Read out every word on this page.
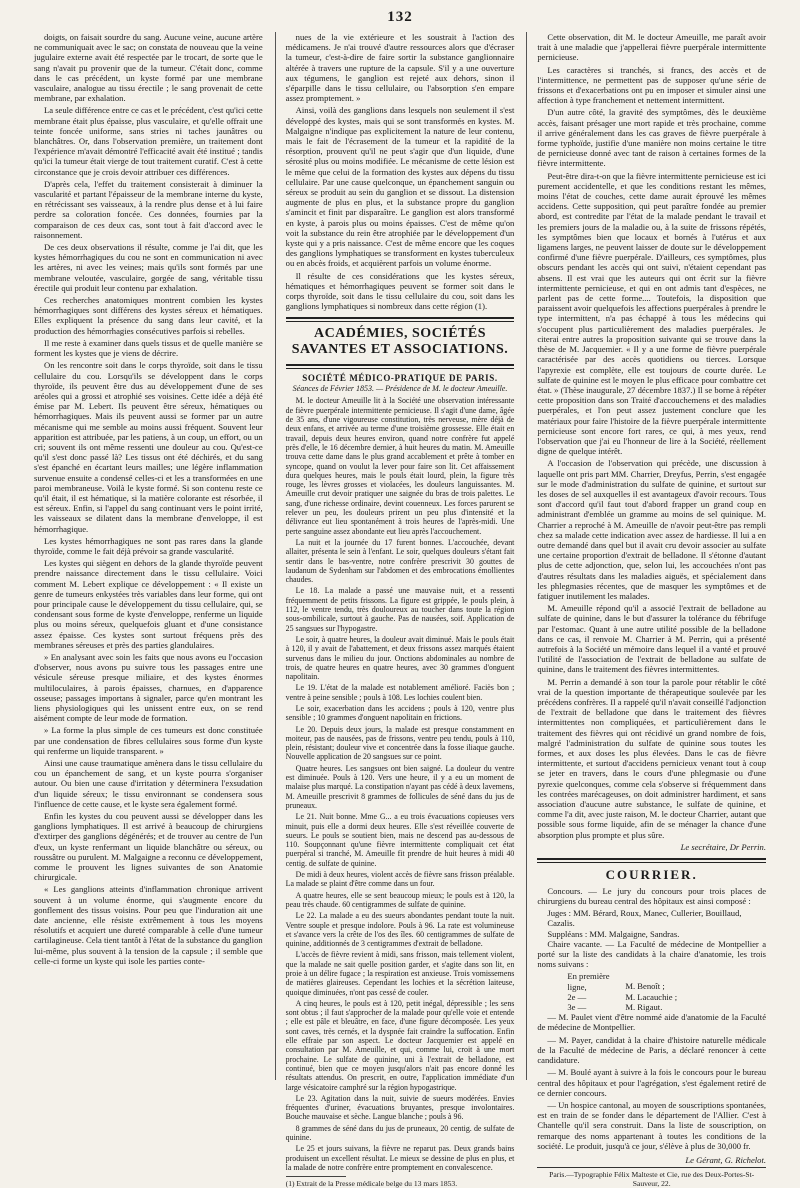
132

doigts, on faisait sourdre du sang. Aucune veine, aucune artère ne communiquait avec le sac; on constata de nouveau que la veine jugulaire externe avait été respectée par le trocart, de sorte que le sang n'avait pu provenir que de la tumeur. C'était donc, comme dans le cas précédent, un kyste formé par une membrane vasculaire, analogue au tissu érectile ; le sang provenait de cette membrane, par exhalation.

La seule différence entre ce cas et le précédent, c'est qu'ici cette membrane était plus épaisse, plus vasculaire, et qu'elle offrait une teinte foncée uniforme, sans stries ni taches jaunâtres ou blanchâtres. Or, dans l'observation première, un traitement dont l'expérience m'avait démontré l'efficacité avait été institué ; tandis qu'ici la tumeur était vierge de tout traitement curatif. C'est à cette circonstance que je crois devoir attribuer ces différences.

D'après cela, l'effet du traitement consisterait à diminuer la vascularité et partant l'épaisseur de la membrane interne du kyste, en rétrécissant ses vaisseaux, à la rendre plus dense et à lui faire perdre sa coloration foncée. Ces données, fournies par la comparaison de ces deux cas, sont tout à fait d'accord avec le raisonnement.

De ces deux observations il résulte, comme je l'ai dit, que les kystes hémorrhagiques du cou ne sont en communication ni avec les artères, ni avec les veines; mais qu'ils sont formés par une membrane veloutée, vasculaire, gorgée de sang, véritable tissu érectile qui produit leur contenu par exhalation.

Ces recherches anatomiques montrent combien les kystes hémorrhagiques sont différens des kystes séreux et hématiques. Elles expliquent la présence du sang dans leur cavité, et la production des hémorrhagies consécutives parfois si rebelles.

Il me reste à examiner dans quels tissus et de quelle manière se forment les kystes que je viens de décrire.

On les rencontre soit dans le corps thyroïde, soit dans le tissu cellulaire du cou. Lorsqu'ils se développent dans le corps thyroïde, ils peuvent être dus au développement d'une de ses aréoles qui a grossi et atrophié ses voisines. Cette idée a déjà été émise par M. Lebert. Ils peuvent être séreux, hématiques ou hémorrhagiques. Mais ils peuvent aussi se former par un autre mécanisme qui me semble au moins aussi fréquent. Souvent leur apparition est attribuée, par les patiens, à un coup, un effort, ou un cri; souvent ils ont même ressenti une douleur au cou. Qu'est-ce qu'il s'est donc passé là? Les tissus ont été déchirés, et du sang s'est épanché en écartant leurs mailles; une légère inflammation survenue ensuite a condensé celles-ci et les a transformées en une paroi membraneuse. Voilà le kyste formé. Si son contenu reste ce qu'il était, il est hématique, si la matière colorante est résorbée, il est séreux. Enfin, si l'appel du sang continuant vers le point irrité, les vaisseaux se dilatent dans la membrane d'enveloppe, il est hémorrhagique.

Les kystes hémorrhagiques ne sont pas rares dans la glande thyroïde, comme le fait déjà prévoir sa grande vascularité.

Les kystes qui siègent en dehors de la glande thyroïde peuvent prendre naissance directement dans le tissu cellulaire. Voici comment M. Lebert explique ce développement : « Il existe un genre de tumeurs enkystées très variables dans leur forme, qui ont pour principale cause le développement du tissu cellulaire, qui, se condensant sous forme de kyste d'enveloppe, renferme un liquide plus ou moins séreux, quelquefois gluant et d'une consistance assez épaisse. Ces kystes sont surtout fréquens près des membranes séreuses et près des parties glandulaires.

» En analysant avec soin les faits que nous avons eu l'occasion d'observer, nous avons pu suivre tous les passages entre une vésicule séreuse presque miliaire, et des kystes énormes multiloculaires, à parois épaisses, charnues, en d'apparence osseuse; passages importans à signaler, parce qu'en montrant les liens physiologiques qui les unissent entre eux, on se rend aisément compte de leur mode de formation.

» La forme la plus simple de ces tumeurs est donc constituée par une condensation de fibres cellulaires sous forme d'un kyste qui renferme un liquide transparent. »

Ainsi une cause traumatique amènera dans le tissu cellulaire du cou un épanchement de sang, et un kyste pourra s'organiser autour. Ou bien une cause d'irritation y déterminera l'exsudation d'un liquide séreux; le tissu environnant se condensera sous l'influence de cette cause, et le kyste sera également formé.

Enfin les kystes du cou peuvent aussi se développer dans les ganglions lymphatiques. Il est arrivé à beaucoup de chirurgiens d'extirper des ganglions dégénérés; et de trouver au centre de l'un d'eux, un kyste renfermant un liquide blanchâtre ou séreux, ou roussâtre ou purulent. M. Malgaigne a reconnu ce développement, comme le prouvent les lignes suivantes de son Anatomie chirurgicale.

« Les ganglions atteints d'inflammation chronique arrivent souvent à un volume énorme, qui s'augmente encore du gonflement des tissus voisins. Pour peu que l'induration ait une date ancienne, elle résiste extrêmement à tous les moyens résolutifs et acquiert une dureté comparable à celle d'une tumeur cartilagineuse. Cela tient tantôt à l'état de la substance du ganglion lui-même, plus souvent à la tension de la capsule ; il semble que celle-ci forme un kyste qui isole les parties conte-

nues de la vie extérieure et les soustrait à l'action des médicamens. Je n'ai trouvé d'autre ressources alors que d'écraser la tumeur, c'est-à-dire de faire sortir la substance ganglionnaire altérée à travers une rupture de la capsule. S'il y a une ouverture aux tégumens, le ganglion est rejeté aux dehors, sinon il s'éparpille dans le tissu cellulaire, ou l'absorption s'en empare assez promptement. »

Ainsi, voilà des ganglions dans lesquels non seulement il s'est développé des kystes, mais qui se sont transformés en kystes. M. Malgaigne n'indique pas explicitement la nature de leur contenu, mais le fait de l'écrasement de la tumeur et la rapidité de la résorption, prouvent qu'il ne peut s'agir que d'un liquide, d'une sérosité plus ou moins modifiée. Le mécanisme de cette lésion est le même que celui de la formation des kystes aux dépens du tissu cellulaire. Par une cause quelconque, un épanchement sanguin ou séreux se produit au sein du ganglion et se dissout. La distension augmente de plus en plus, et la substance propre du ganglion s'amincit et finit par disparaître. Le ganglion est alors transformé en kyste, à parois plus ou moins épaisses. C'est de même qu'on voit la substance du rein être atrophiée par le développement d'un kyste qui y a pris naissance. C'est de même encore que les coques des ganglions lymphatiques se transforment en kystes tuberculeux ou en abcès froids, et acquièrent parfois un volume énorme.

Il résulte de ces considérations que les kystes séreux, hématiques et hémorrhagiques peuvent se former soit dans le corps thyroïde, soit dans le tissu cellulaire du cou, soit dans les ganglions lymphatiques si nombreux dans cette région (1).

ACADÉMIES, SOCIÉTÉS SAVANTES ET ASSOCIATIONS.
SOCIÉTÉ MÉDICO-PRATIQUE DE PARIS.
Séances de Février 1853. — Présidence de M. le docteur Ameuille.

M. le docteur Ameuille lit à la Société une observation intéressante de fièvre puerpérale intermittente pernicieuse. Il s'agit d'une dame, âgée de 35 ans, d'une vigoureuse constitution, très nerveuse, mère déjà de deux enfans, et arrivée au terme d'une troisième grossesse. Elle était en travail, depuis deux heures environ, quand notre confrère fut appelé près d'elle, le 16 décembre dernier, à huit heures du matin. M. Ameuille trouva cette dame dans le plus grand accablement et prête à tomber en syncope, quand on voulut la lever pour faire son lit. Cet affaissement dura quelques heures, mais le pouls était lourd, plein, la figure très rouge, les lèvres grosses et violacées, les douleurs languissantes. M. Ameuille crut devoir pratiquer une saignée du bras de trois palettes. Le sang, d'une richesse ordinaire, devint couenneux. Les forces parurent se relever un peu, les douleurs prirent un peu plus d'intensité et la délivrance eut lieu spontanément à trois heures de l'après-midi. Une perte sanguine assez abondante eut lieu après l'accouchement.

La nuit et la journée du 17 furent bonnes. L'accouchée, devant allaiter, présenta le sein à l'enfant. Le soir, quelques douleurs s'étant fait sentir dans le bas-ventre, notre confrère prescrivit 30 gouttes de laudanum de Sydenham sur l'abdomen et des embrocations émollientes chaudes.

Le 18. La malade a passé une mauvaise nuit, et a ressenti fréquemment de petits frissons. La figure est grippée, le pouls plein, à 112, le ventre tendu, très douloureux au toucher dans toute la région sous-ombilicale, surtout à gauche. Pas de nausées, soif. Application de 25 sangsues sur l'hypogastre.

Le soir, à quatre heures, la douleur avait diminué. Mais le pouls était à 120, il y avait de l'abattement, et deux frissons assez marqués étaient survenus dans le milieu du jour. Onctions abdominales au nombre de trois, de quatre heures en quatre heures, avec 30 grammes d'onguent napolitain.

Le 19. L'état de la malade est notablement amélioré. Faciès bon ; ventre à peine sensible ; pouls à 108. Les lochies coulent bien.

Le soir, exacerbation dans les accidens ; pouls à 120, ventre plus sensible ; 10 grammes d'onguent napolitain en frictions.

Le 20. Depuis deux jours, la malade est presque constamment en moiteur, pas de nausées, pas de frissons, ventre peu tendu, pouls à 110, plein, résistant; douleur vive et concentrée dans la fosse iliaque gauche. Nouvelle application de 20 sangsues sur ce point.

Quatre heures. Les sangsues ont bien saigné. La douleur du ventre est diminuée. Pouls à 120. Vers une heure, il y a eu un moment de malaise plus marqué. La constipation n'ayant pas cédé à deux lavemens, M. Ameuille prescrivit 8 grammes de follicules de séné dans du jus de pruneaux.

Le 21. Nuit bonne. Mme G... a eu trois évacuations copieuses vers minuit, puis elle a dormi deux heures. Elle s'est réveillée couverte de sueurs. Le pouls se soutient bien, mais ne descend pas au-dessous de 110. Soupçonnant qu'une fièvre intermittente compliquait cet état puerpéral si tranché, M. Ameuille fit prendre de huit heures à midi 40 centig. de sulfate de quinine.

De midi à deux heures, violent accès de fièvre sans frisson préalable. La malade se plaint d'être comme dans un four.

A quatre heures, elle se sent beaucoup mieux; le pouls est à 120, la peau très chaude. 60 centigrammes de sulfate de quinine.

Le 22. La malade a eu des sueurs abondantes pendant toute la nuit. Ventre souple et presque indolore. Pouls à 96. La rate est volumineuse et s'avance vers la crête de l'os des îles. 60 centigrammes de sulfate de quinine, additionnés de 3 centigrammes d'extrait de belladone.

L'accès de fièvre revient à midi, sans frisson, mais tellement violent, que la malade ne sait quelle position garder, et s'agite dans son lit, en proie à un délire fugace ; la respiration est anxieuse. Trois vomissemens de matières glaireuses. Cependant les lochies et la sécrétion laiteuse, quoique diminuées, n'ont pas cessé de couler.

A cinq heures, le pouls est à 120, petit inégal, dépressible ; les sens sont obtus ; il faut s'approcher de la malade pour qu'elle voie et entende ; elle est pâle et bleuâtre, en face, d'une figure décomposée. Les yeux sont caves, très cernés, et la dyspnée fait craindre la suffocation. Enfin elle effraie par son aspect. Le docteur Jacquemier est appelé en consultation par M. Ameuille, et qui, comme lui, croit à une mort prochaine. Le sulfate de quinine, uni à l'extrait de belladone, est continué, bien que ce moyen jusqu'alors n'ait pas encore donné les résultats attendus. On prescrit, en outre, l'application immédiate d'un large vésicatoire camphré sur la région hypogastrique.

Le 23. Agitation dans la nuit, suivie de sueurs modérées. Envies fréquentes d'uriner, évacuations bruyantes, presque involontaires. Bouche mauvaise et sèche. Langue blanche ; pouls à 96.

8 grammes de séné dans du jus de pruneaux, 20 centig. de sulfate de quinine.

Le 25 et jours suivans, la fièvre ne reparut pas. Deux grands bains produisent un excellent résultat. Le mieux se dessine de plus en plus, et la malade de notre confrère entre promptement en convalescence.

(1) Extrait de la Presse médicale belge du 13 mars 1853.

Cette observation, dit M. le docteur Ameuille, me paraît avoir trait à une maladie que j'appellerai fièvre puerpérale intermittente pernicieuse.

Les caractères si tranchés, si francs, des accès et de l'intermittence, ne permettent pas de supposer qu'une série de frissons et d'exacerbations ont pu en imposer et simuler ainsi une affection à type franchement et nettement intermittent.

D'un autre côté, la gravité des symptômes, dès le deuxième accès, faisant présager une mort rapide et très prochaine, comme il arrive généralement dans les cas graves de fièvre puerpérale à forme typhoïde, justifie d'une manière non moins certaine le titre de pernicieuse donné avec tant de raison à certaines formes de la fièvre intermittente.

Peut-être dira-t-on que la fièvre intermittente pernicieuse est ici purement accidentelle, et que les conditions restant les mêmes, moins l'état de couches, cette dame aurait éprouvé les mêmes accidens. Cette supposition, qui peut paraître fondée au premier abord, est contredite par l'état de la malade pendant le travail et les premiers jours de la maladie ou, à la suite de frissons répétés, les symptômes bien que locaux et bornés à l'utérus et aux ligamens larges, ne peuvent laisser de doute sur le développement confirmé d'une fièvre puerpérale. D'ailleurs, ces symptômes, plus obscurs pendant les accès qui ont suivi, n'étaient cependant pas absens. Il est vrai que les auteurs qui ont écrit sur la fièvre intermittente pernicieuse, et qui en ont admis tant d'espèces, ne parlent pas de cette forme.... Toutefois, la disposition que paraissent avoir quelquefois les affections puerpérales à prendre le type intermittent, n'a pas échappé à tous les médecins qui s'occupent plus particulièrement des maladies puerpérales. Je citerai entre autres la proposition suivante qui se trouve dans la thèse de M. Jacquemier. « Il y a une forme de fièvre puerpérale caractérisée par des accès quotidiens ou tierces. Lorsque l'apyrexie est complète, elle est toujours de courte durée. Le sulfate de quinine est le moyen le plus efficace pour combattre cet état. » (Thèse inaugurale, 27 décembre 1837.) Il se borne à répéter cette proposition dans son Traité d'accouchemens et des maladies puerpérales, et l'on peut assez justement conclure que les matériaux pour faire l'histoire de la fièvre puerpérale intermittente pernicieuse sont encore fort rares, ce qui, à mes yeux, rend l'observation que j'ai eu l'honneur de lire à la Société, réellement digne de quelque intérêt.

A l'occasion de l'observation qui précède, une discussion à laquelle ont pris part MM. Charrier, Dreyfus, Perrin, s'est engagée sur le mode d'administration du sulfate de quinine, et surtout sur les doses de sel auxquelles il est avantageux d'avoir recours. Tous sont d'accord qu'il faut tout d'abord frapper un grand coup en administrant d'emblée un gramme au moins de sel quinique. M. Charrier a reproché à M. Ameuille de n'avoir peut-être pas rempli chez sa malade cette indication avec assez de hardiesse. Il lui a en outre demandé dans quel but il avait cru devoir associer au sulfate une certaine proportion d'extrait de belladone. Il s'étonne d'autant plus de cette adjonction, que, selon lui, les accouchées n'ont pas d'autres résultats dans les maladies aiguës, et spécialement dans les phlegmasies récentes, que de masquer les symptômes et de fatiguer inutilement les malades.

M. Ameuille répond qu'il a associé l'extrait de belladone au sulfate de quinine, dans le but d'assurer la tolérance du fébrifuge par l'estomac. Quant à une autre utilité possible de la belladone dans ce cas, il renvoie M. Charrier à M. Perrin, qui a présenté autrefois à la Société un mémoire dans lequel il a vanté et prouvé l'utilité de l'association de l'extrait de belladone au sulfate de quinine, dans le traitement des fièvres intermittentes.

M. Perrin a demandé à son tour la parole pour rétablir le côté vrai de la question importante de thérapeutique soulevée par les précédens confrères. Il a rappelé qu'il n'avait conseillé l'adjonction de l'extrait de belladone que dans le traitement des fièvres intermittentes non compliquées, et particulièrement dans le traitement des fièvres qui ont récidivé un grand nombre de fois, malgré l'administration du sulfate de quinine sous toutes les formes, et aux doses les plus élevées. Dans le cas de fièvre intermittente, et surtout d'accidens pernicieux venant tout à coup se jeter en travers, dans le cours d'une phlegmasie ou d'une pyrexie quelconques, comme cela s'observe si fréquemment dans les contrées marécageuses, on doit administrer hardiment, et sans association d'aucune autre substance, le sulfate de quinine, et comme l'a dit, avec juste raison, M. le docteur Charrier, autant que possible sous forme liquide, afin de se ménager la chance d'une absorption plus prompte et plus sûre.

Le secrétaire, Dr Perrin.
COURRIER.

Concours. — Le jury du concours pour trois places de chirurgiens du bureau central des hôpitaux est ainsi composé :

Juges : MM. Bérard, Roux, Manec, Cullerier, Bouillaud, Cazalis.
Suppléans : MM. Malgaigne, Sandras.

Chaire vacante. — La Faculté de médecine de Montpellier a porté sur la liste des candidats à la chaire d'anatomie, les trois noms suivans :

En première ligne,	M. Benoît ;
2e —	M. Lacauchie ;
3e —	M. Rigaut.

— M. Paulet vient d'être nommé aide d'anatomie de la Faculté de médecine de Montpellier.

— M. Payer, candidat à la chaire d'histoire naturelle médicale de la Faculté de médecine de Paris, a déclaré renoncer à cette candidature.

— M. Boulé ayant à suivre à la fois le concours pour le bureau central des hôpitaux et pour l'agrégation, s'est également retiré de ce dernier concours.

— Un hospice cantonal, au moyen de souscriptions spontanées, est en train de se fonder dans le département de l'Allier. C'est à Chantelle qu'il sera construit. Dans la liste de souscription, on remarque des noms appartenant à toutes les conditions de la société. Le produit, jusqu'à ce jour, s'élève à plus de 30,000 fr.

Le Gérant, G. Richelot.
Paris.—Typographie Félix Malteste et Cie, rue des Deux-Portes-St-Sauveur, 22.
